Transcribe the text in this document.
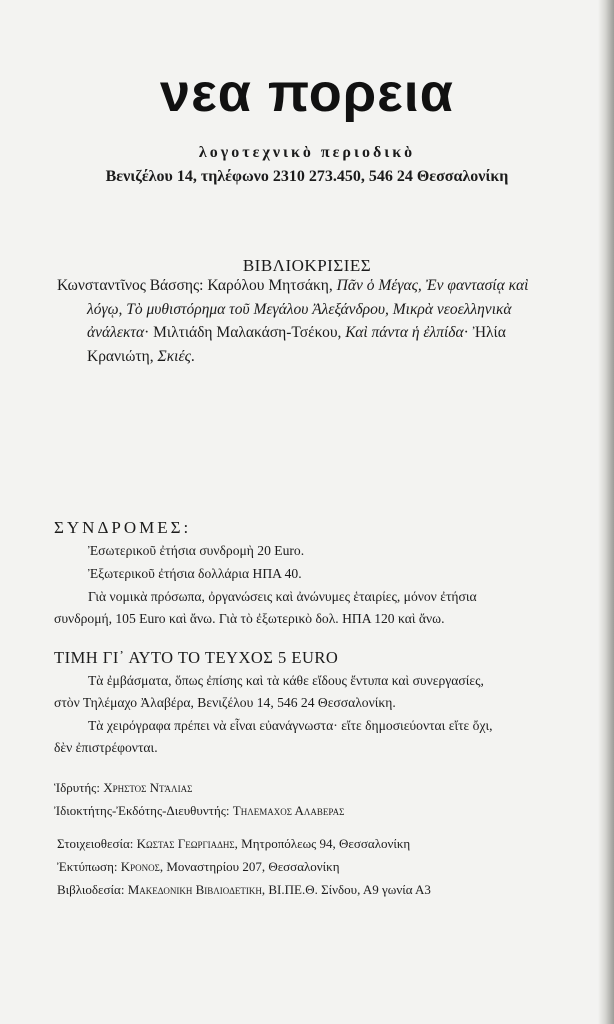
νεα πορεια
λογοτεχνικὸ περιοδικὸ
Βενιζέλου 14, τηλέφωνο 2310 273.450, 546 24 Θεσσαλονίκη
ΒΙΒΛΙΟΚΡΙΣΙΕΣ
Κωνσταντῖνος Βάσσης: Καρόλου Μητσάκη, Πᾶν ὁ Μέγας, Ἐν φαντασίᾳ καὶ λόγῳ, Τὸ μυθιστόρημα τοῦ Μεγάλου Ἀλεξάνδρου, Μικρὰ νεοελληνικὰ ἀνάλεκτα· Μιλτιάδη Μαλακάση-Τσέκου, Καὶ πάντα ἡ ἐλπίδα· Ἠλία Κρανιώτη, Σκιές.
ΣΥΝΔΡΟΜΕΣ:
Ἐσωτερικοῦ ἐτήσια συνδρομὴ 20 Euro.
Ἐξωτερικοῦ ἐτήσια δολλάρια ΗΠΑ 40.
Γιὰ νομικὰ πρόσωπα, ὀργανώσεις καὶ ἀνώνυμες ἑταιρίες, μόνον ἐτήσια
συνδρομή, 105 Euro καὶ ἄνω. Γιὰ τὸ ἐξωτερικὸ δολ. ΗΠΑ 120 καὶ ἄνω.
ΤΙΜΗ ΓΙ᾿ ΑΥΤΟ ΤΟ ΤΕΥΧΟΣ 5 EURO
Τὰ ἐμβάσματα, ὅπως ἐπίσης καὶ τὰ κάθε εἴδους ἔντυπα καὶ συνεργασίες,
στὸν Τηλέμαχο Ἀλαβέρα, Βενιζέλου 14, 546 24 Θεσσαλονίκη.
Τὰ χειρόγραφα πρέπει νὰ εἶναι εὐανάγνωστα· εἴτε δημοσιεύονται εἴτε ὄχι,
δὲν ἐπιστρέφονται.
Ἱδρυτής: Χρηστος Ντάλιας
Ἰδιοκτήτης-Ἐκδότης-Διευθυντής: Τηλεμαχος Αλαβερας
Στοιχειοθεσία: Κωστας Γεωργιαδης, Μητροπόλεως 94, Θεσσαλονίκη
Ἐκτύπωση: Κρονος, Μοναστηρίου 207, Θεσσαλονίκη
Βιβλιοδεσία: Μακεδονικη Βιβλιοδετικη, ΒΙ.ΠΕ.Θ. Σίνδου, Α9 γωνία Α3
